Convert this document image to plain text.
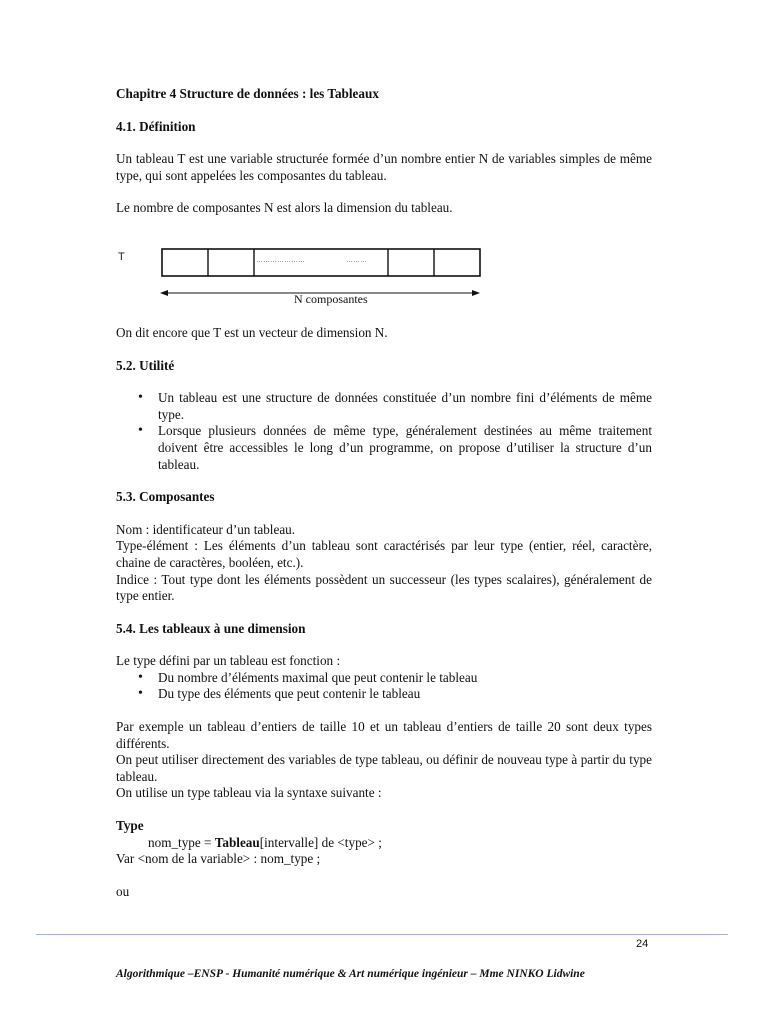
Chapitre 4 Structure de données : les Tableaux
4.1. Définition

Un tableau T est une variable structurée formée d’un nombre entier N de variables simples de même type, qui sont appelées les composantes du tableau.

Le nombre de composantes N est alors la dimension du tableau.

T	…………………	………
N composantes

On dit encore que T est un vecteur de dimension N.

5.2. Utilité
• Un tableau est une structure de données constituée d’un nombre fini d’éléments de même type.
• Lorsque plusieurs données de même type, généralement destinées au même traitement doivent être accessibles le long d’un programme, on propose d’utiliser la structure d’un tableau.
5.3. Composantes

Nom : identificateur d’un tableau.

Type-élément : Les éléments d’un tableau sont caractérisés par leur type (entier, réel, caractère, chaine de caractères, booléen, etc.).

Indice : Tout type dont les éléments possèdent un successeur (les types scalaires), généralement de type entier.

5.4. Les tableaux à une dimension

Le type défini par un tableau est fonction :

• Du nombre d’éléments maximal que peut contenir le tableau
• Du type des éléments que peut contenir le tableau

Par exemple un tableau d’entiers de taille 10 et un tableau d’entiers de taille 20 sont deux types différents.

On peut utiliser directement des variables de type tableau, ou définir de nouveau type à partir du type tableau.

On utilise un type tableau via la syntaxe suivante :

Type
nom_type = Tableau[intervalle] de <type> ;
Var <nom de la variable> : nom_type ;
ou
24
Algorithmique –ENSP - Humanité numérique & Art numérique ingénieur – Mme NINKO Lidwine
